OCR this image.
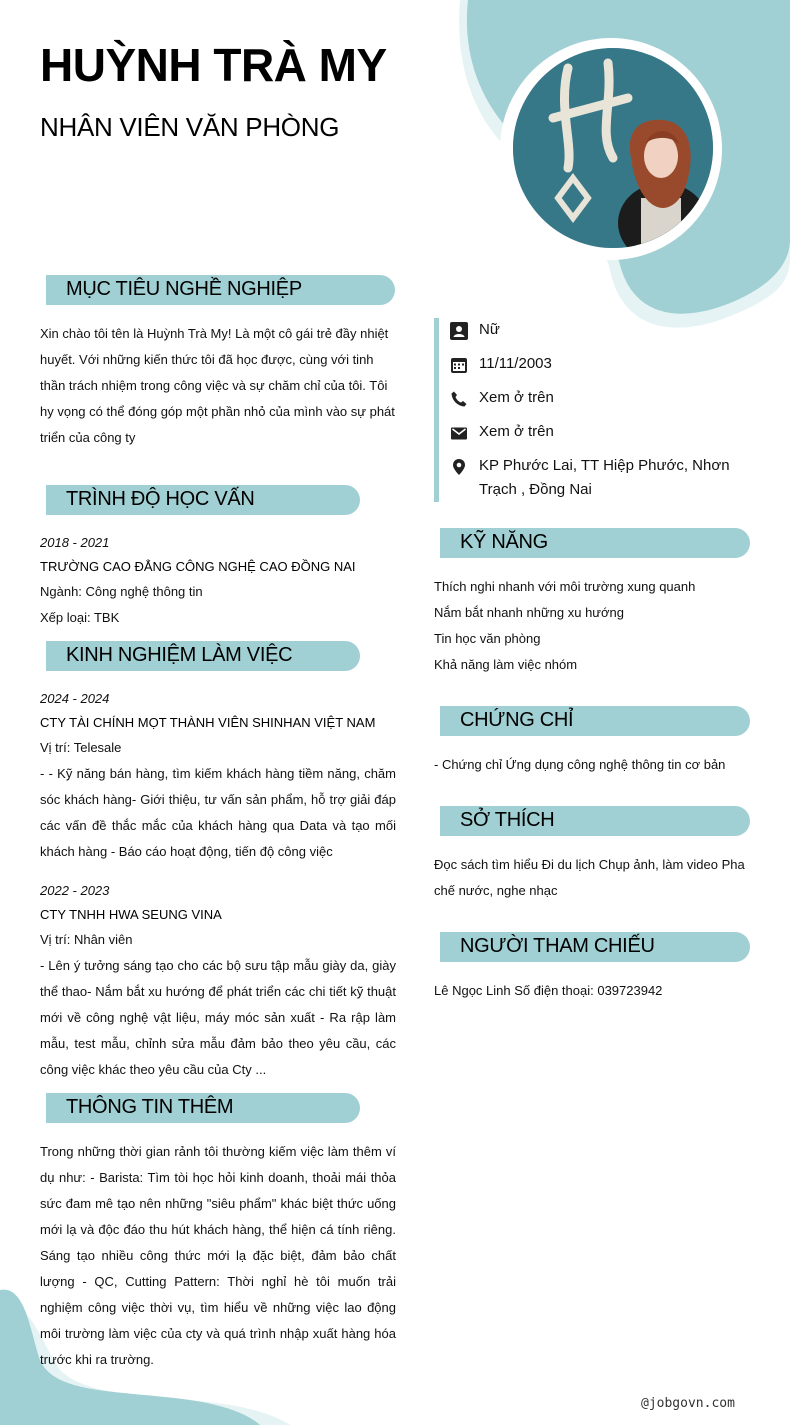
HUỲNH TRÀ MY
NHÂN VIÊN VĂN PHÒNG
MỤC TIÊU NGHỀ NGHIỆP

Xin chào tôi tên là Huỳnh Trà My! Là một cô gái trẻ đầy nhiệt huyết. Với những kiến thức tôi đã học được, cùng với tinh thần trách nhiệm trong công việc và sự chăm chỉ của tôi. Tôi hy vọng có thể đóng góp một phần nhỏ của mình vào sự phát triển của công ty

TRÌNH ĐỘ HỌC VẤN
2018 - 2021
TRƯỜNG CAO ĐẲNG CÔNG NGHỆ CAO ĐỒNG NAI
Ngành: Công nghệ thông tin
Xếp loại: TBK
KINH NGHIỆM LÀM VIỆC
2024 - 2024
CTY TÀI CHÍNH MỌT THÀNH VIÊN SHINHAN VIỆT NAM
Vị trí: Telesale

- - Kỹ năng bán hàng, tìm kiếm khách hàng tiềm năng, chăm sóc khách hàng- Giới thiệu, tư vấn sản phẩm, hỗ trợ giải đáp các vấn đề thắc mắc của khách hàng qua Data và tạo mối khách hàng - Báo cáo hoạt động, tiến độ công việc

2022 - 2023
CTY TNHH HWA SEUNG VINA
Vị trí: Nhân viên

- Lên ý tưởng sáng tạo cho các bộ sưu tập mẫu giày da, giày thể thao- Nắm bắt xu hướng để phát triển các chi tiết kỹ thuật mới về công nghệ vật liệu, máy móc sản xuất - Ra rập làm mẫu, test mẫu, chỉnh sửa mẫu đảm bảo theo yêu cầu, các công việc khác theo yêu cầu của Cty ...

THÔNG TIN THÊM

Trong những thời gian rảnh tôi thường kiếm việc làm thêm ví dụ như: - Barista: Tìm tòi học hỏi kinh doanh, thoải mái thỏa sức đam mê tạo nên những "siêu phẩm" khác biệt thức uống mới lạ và độc đáo thu hút khách hàng, thể hiện cá tính riêng. Sáng tạo nhiều công thức mới lạ đặc biệt, đảm bảo chất lượng - QC, Cutting Pattern: Thời nghỉ hè tôi muốn trải nghiệm công việc thời vụ, tìm hiểu về những việc lao động môi trường làm việc của cty và quá trình nhập xuất hàng hóa trước khi ra trường.

Nữ
11/11/2003
Xem ở trên
Xem ở trên
KP Phước Lai, TT Hiệp Phước, Nhơn Trạch , Đồng Nai
KỸ NĂNG
Thích nghi nhanh với môi trường xung quanh
Nắm bắt nhanh những xu hướng
Tin học văn phòng
Khả năng làm việc nhóm
CHỨNG CHỈ
- Chứng chỉ Ứng dụng công nghệ thông tin cơ bản
SỞ THÍCH

Đọc sách tìm hiểu Đi du lịch Chụp ảnh, làm video Pha chế nước, nghe nhạc

NGƯỜI THAM CHIẾU

Lê Ngọc Linh Số điện thoại: 039723942

@jobgovn.com
